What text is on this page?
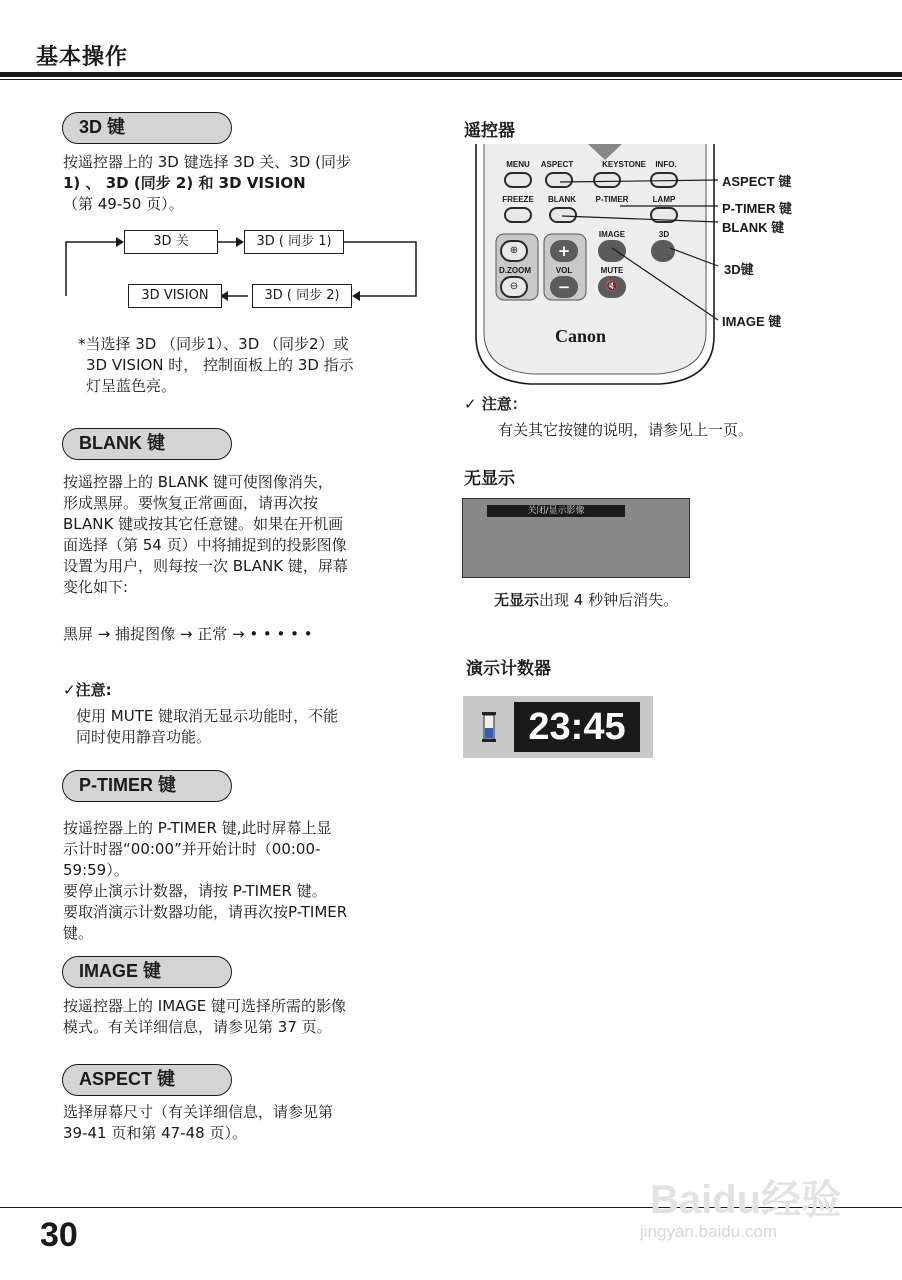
基本操作
3D 键
按遥控器上的 3D 键选择 3D 关、3D (同步
1) 、 3D (同步 2) 和 3D VISION
（第 49-50 页）。
3D 关	3D ( 同步 1)
3D VISION	3D ( 同步 2)
*当选择 3D （同步1）、3D （同步2）或
3D VISION 时， 控制面板上的 3D 指示
灯呈蓝色亮。
BLANK 键
按遥控器上的 BLANK 键可使图像消失，
形成黑屏。要恢复正常画面，请再次按
BLANK 键或按其它任意键。如果在开机画
面选择（第 54 页）中将捕捉到的投影图像
设置为用户，则每按一次 BLANK 键，屏幕
变化如下:
黑屏 → 捕捉图像 → 正常 → • • • • •
✓注意:
使用 MUTE 键取消无显示功能时，不能
同时使用静音功能。
P-TIMER 键
按遥控器上的 P-TIMER 键,此时屏幕上显
示计时器“00:00”并开始计时（00:00-
59:59）。
要停止演示计数器，请按 P-TIMER 键。
要取消演示计数器功能，请再次按P-TIMER
键。
IMAGE 键
按遥控器上的 IMAGE 键可选择所需的影像
模式。有关详细信息，请参见第 37 页。
ASPECT 键
选择屏幕尺寸（有关详细信息，请参见第
39-41 页和第 47-48 页）。
遥控器
MENU	ASPECT	KEYSTONE	INFO.
FREEZE	BLANK	P-TIMER	LAMP
IMAGE	3D
⊕	+
D.ZOOM	VOL	MUTE
⊖	−	🔇
Canon
ASPECT 键
P-TIMER 键
BLANK 键
3D键
IMAGE 键
✓ 注意：
有关其它按键的说明，请参见上一页。
无显示
关闭/显示影像
无显示出现 4 秒钟后消失。
演示计数器
23:45
30
Baidu经验
jingyan.baidu.com
